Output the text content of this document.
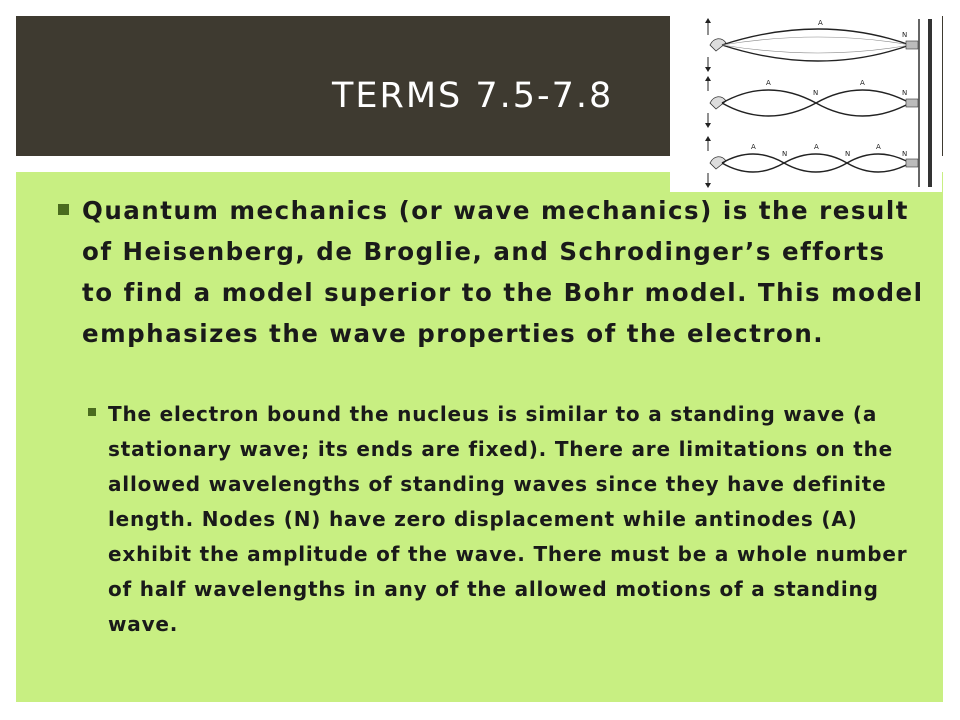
TERMS 7.5-7.8
Quantum mechanics (or wave mechanics) is the result of Heisenberg, de Broglie, and Schrodinger’s efforts to find a model superior to the Bohr model. This model emphasizes the wave properties of the electron.
The electron bound the nucleus is similar to a standing wave (a stationary wave; its ends are fixed). There are limitations on the allowed wavelengths of standing waves since they have definite length. Nodes (N) have zero displacement while antinodes (A) exhibit the amplitude of the wave. There must be a whole number of half wavelengths in any of the allowed motions of a standing wave.
A
N
A
N
A
N
A
N
A
N
A
N
